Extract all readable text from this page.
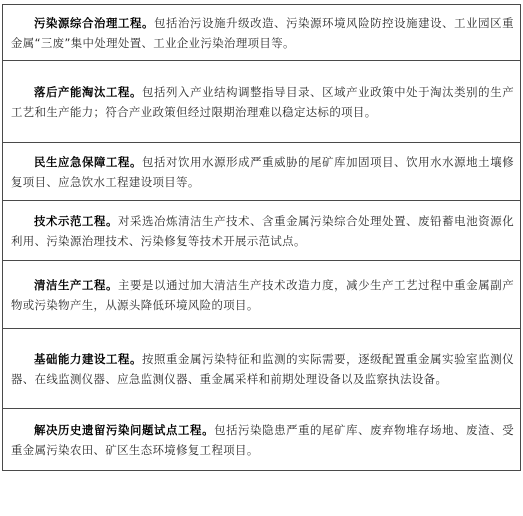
污染源综合治理工程。包括治污设施升级改造、污染源环境风险防控设施建设、工业园区重金属“三废”集中处理处置、工业企业污染治理项目等。

落后产能淘汰工程。包括列入产业结构调整指导目录、区域产业政策中处于淘汰类别的生产工艺和生产能力；符合产业政策但经过限期治理难以稳定达标的项目。

民生应急保障工程。包括对饮用水源形成严重威胁的尾矿库加固项目、饮用水水源地土壤修复项目、应急饮水工程建设项目等。

技术示范工程。对采选冶炼清洁生产技术、含重金属污染综合处理处置、废铅蓄电池资源化利用、污染源治理技术、污染修复等技术开展示范试点。

清洁生产工程。主要是以通过加大清洁生产技术改造力度，减少生产工艺过程中重金属副产物或污染物产生，从源头降低环境风险的项目。

基础能力建设工程。按照重金属污染特征和监测的实际需要，逐级配置重金属实验室监测仪器、在线监测仪器、应急监测仪器、重金属采样和前期处理设备以及监察执法设备。

解决历史遗留污染问题试点工程。包括污染隐患严重的尾矿库、废弃物堆存场地、废渣、受重金属污染农田、矿区生态环境修复工程项目。
